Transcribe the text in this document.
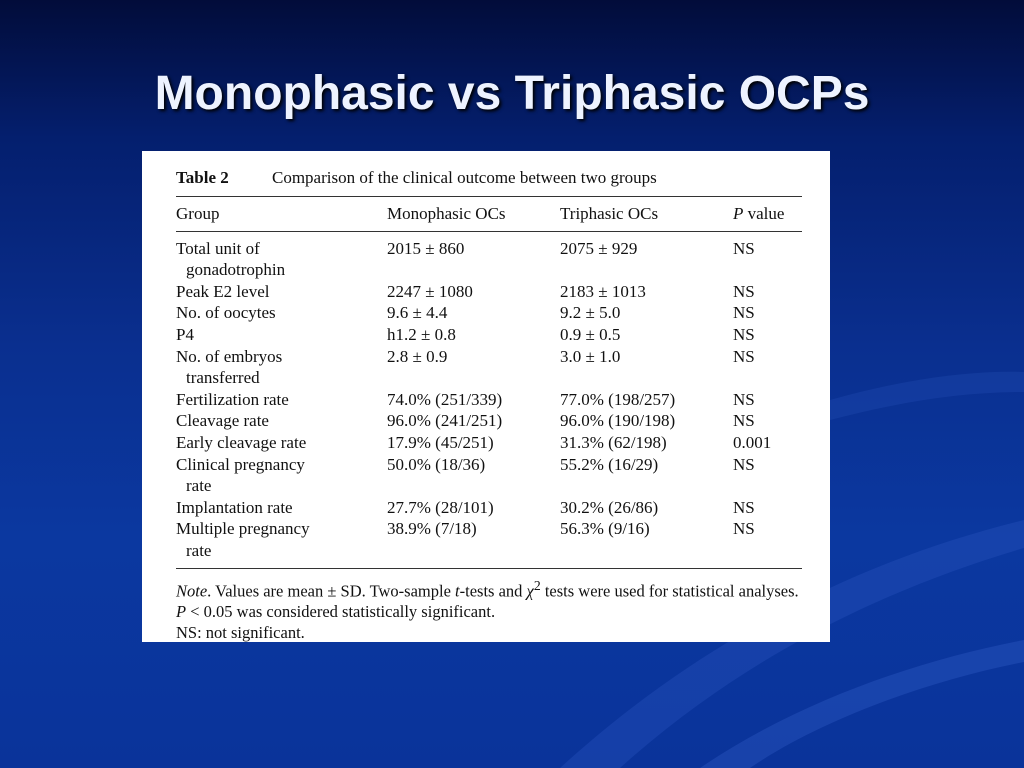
Monophasic vs Triphasic OCPs
Table 2	Comparison of the clinical outcome between two groups
Group	Monophasic OCs	Triphasic OCs	P value
Total unit of
gonadotrophin	2015 ± 860	2075 ± 929	NS
Peak E2 level	2247 ± 1080	2183 ± 1013	NS
No. of oocytes	9.6 ± 4.4	9.2 ± 5.0	NS
P4	h1.2 ± 0.8	0.9 ± 0.5	NS
No. of embryos
transferred	2.8 ± 0.9	3.0 ± 1.0	NS
Fertilization rate	74.0% (251/339)	77.0% (198/257)	NS
Cleavage rate	96.0% (241/251)	96.0% (190/198)	NS
Early cleavage rate	17.9% (45/251)	31.3% (62/198)	0.001
Clinical pregnancy
rate	50.0% (18/36)	55.2% (16/29)	NS
Implantation rate	27.7% (28/101)	30.2% (26/86)	NS
Multiple pregnancy
rate	38.9% (7/18)	56.3% (9/16)	NS
Note. Values are mean ± SD. Two-sample t-tests and $\chi^2$ tests were used for statistical analyses. P < 0.05 was considered statistically significant.
NS: not significant.
